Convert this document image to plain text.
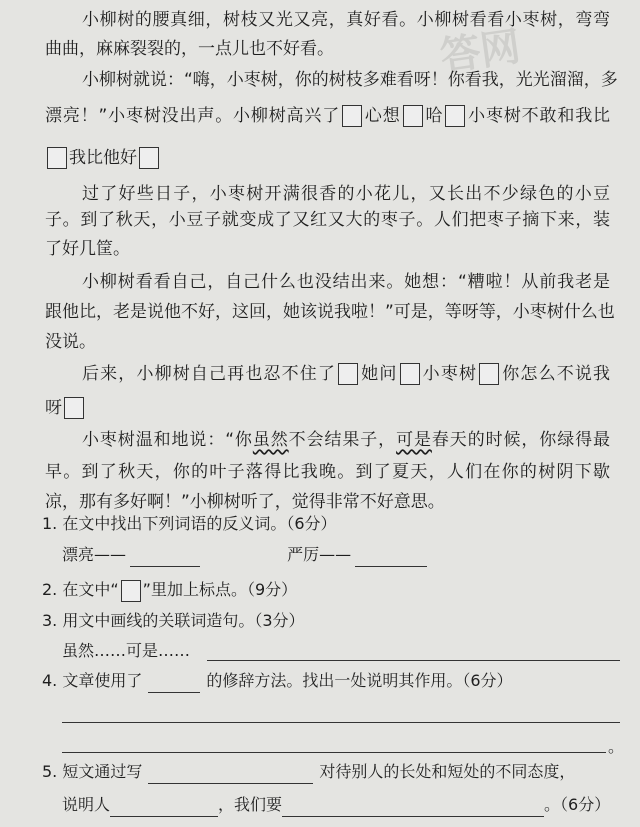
答网
小柳树的腰真细，树枝又光又亮，真好看。小柳树看看小枣树，弯弯
曲曲，麻麻裂裂的，一点儿也不好看。
小柳树就说：“嗨，小枣树，你的树枝多难看呀！你看我，光光溜溜，多
漂亮！”小枣树没出声。小柳树高兴了 心想 哈 小枣树不敢和我比
我比他好
过了好些日子，小枣树开满很香的小花儿，又长出不少绿色的小豆
子。到了秋天，小豆子就变成了又红又大的枣子。人们把枣子摘下来，装
了好几筐。
小柳树看看自己，自己什么也没结出来。她想：“糟啦！从前我老是
跟他比，老是说他不好，这回，她该说我啦！”可是，等呀等，小枣树什么也
没说。
后来，小柳树自己再也忍不住了 她问 小枣树 你怎么不说我
呀
小枣树温和地说：“你虽然不会结果子，可是春天的时候，你绿得最
早。到了秋天，你的叶子落得比我晚。到了夏天，人们在你的树阴下歇
凉，那有多好啊！”小柳树听了，觉得非常不好意思。
1. 在文中找出下列词语的反义词。（6分）
漂亮——	严厉——
2. 在文中“ ”里加上标点。（9分）
3. 用文中画线的关联词造句。（3分）
虽然……可是……
4. 文章使用了	的修辞方法。找出一处说明其作用。（6分）
。
5. 短文通过写	对待别人的长处和短处的不同态度，
说明人	，我们要	。（6分）
